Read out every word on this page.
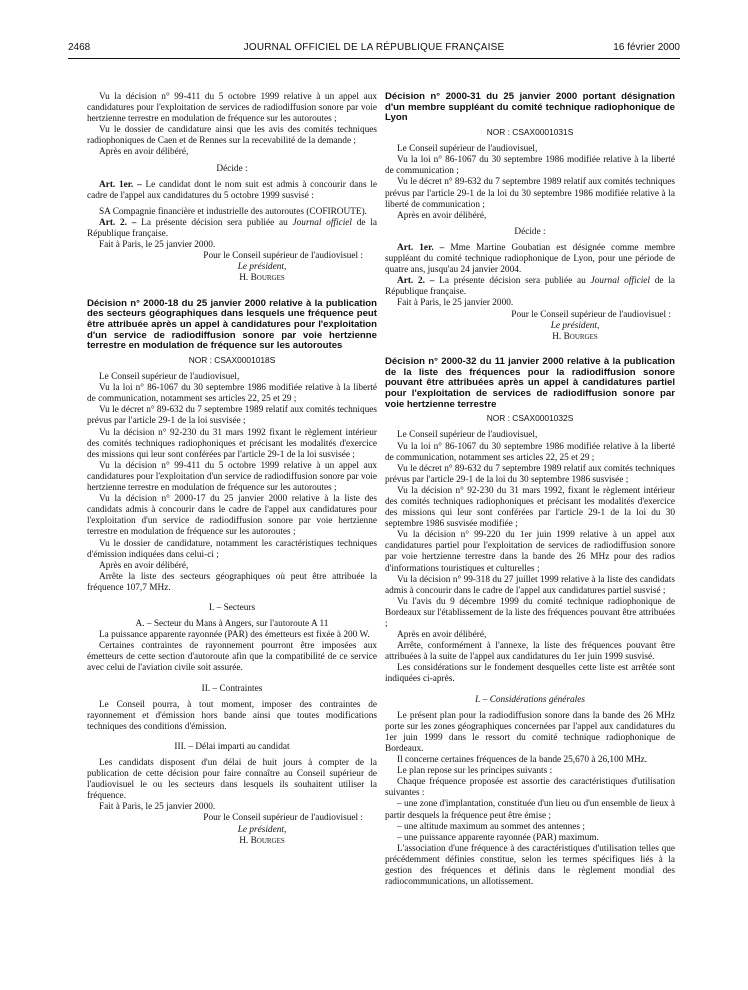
2468	JOURNAL OFFICIEL DE LA RÉPUBLIQUE FRANÇAISE	16 février 2000

Vu la décision n° 99-411 du 5 octobre 1999 relative à un appel aux candidatures pour l'exploitation de services de radiodiffusion sonore par voie hertzienne terrestre en modulation de fréquence sur les autoroutes ;

Vu le dossier de candidature ainsi que les avis des comités techniques radiophoniques de Caen et de Rennes sur la recevabilité de la demande ;

Après en avoir délibéré,

Décide :

Art. 1er. – Le candidat dont le nom suit est admis à concourir dans le cadre de l'appel aux candidatures du 5 octobre 1999 susvisé :

SA Compagnie financière et industrielle des autoroutes (COFIROUTE).

Art. 2. – La présente décision sera publiée au Journal officiel de la République française.

Fait à Paris, le 25 janvier 2000.

Pour le Conseil supérieur de l'audiovisuel :

Le président,

H. Bourges

Décision n° 2000-18 du 25 janvier 2000 relative à la publication des secteurs géographiques dans lesquels une fréquence peut être attribuée après un appel à candidatures pour l'exploitation d'un service de radiodiffusion sonore par voie hertzienne terrestre en modulation de fréquence sur les autoroutes

NOR : CSAX0001018S

Le Conseil supérieur de l'audiovisuel,

Vu la loi n° 86-1067 du 30 septembre 1986 modifiée relative à la liberté de communication, notamment ses articles 22, 25 et 29 ;

Vu le décret n° 89-632 du 7 septembre 1989 relatif aux comités techniques prévus par l'article 29-1 de la loi susvisée ;

Vu la décision n° 92-230 du 31 mars 1992 fixant le règlement intérieur des comités techniques radiophoniques et précisant les modalités d'exercice des missions qui leur sont conférées par l'article 29-1 de la loi susvisée ;

Vu la décision n° 99-411 du 5 octobre 1999 relative à un appel aux candidatures pour l'exploitation d'un service de radiodiffusion sonore par voie hertzienne terrestre en modulation de fréquence sur les autoroutes ;

Vu la décision n° 2000-17 du 25 janvier 2000 relative à la liste des candidats admis à concourir dans le cadre de l'appel aux candidatures pour l'exploitation d'un service de radiodiffusion sonore par voie hertzienne terrestre en modulation de fréquence sur les autoroutes ;

Vu le dossier de candidature, notamment les caractéristiques techniques d'émission indiquées dans celui-ci ;

Après en avoir délibéré,

Arrête la liste des secteurs géographiques où peut être attribuée la fréquence 107,7 MHz.

I. – Secteurs

A. – Secteur du Mans à Angers, sur l'autoroute A 11

La puissance apparente rayonnée (PAR) des émetteurs est fixée à 200 W.

Certaines contraintes de rayonnement pourront être imposées aux émetteurs de cette section d'autoroute afin que la compatibilité de ce service avec celui de l'aviation civile soit assurée.

II. – Contraintes

Le Conseil pourra, à tout moment, imposer des contraintes de rayonnement et d'émission hors bande ainsi que toutes modifications techniques des conditions d'émission.

III. – Délai imparti au candidat

Les candidats disposent d'un délai de huit jours à compter de la publication de cette décision pour faire connaître au Conseil supérieur de l'audiovisuel le ou les secteurs dans lesquels ils souhaitent utiliser la fréquence.

Fait à Paris, le 25 janvier 2000.

Pour le Conseil supérieur de l'audiovisuel :

Le président,

H. Bourges

Décision n° 2000-31 du 25 janvier 2000 portant désignation d'un membre suppléant du comité technique radiophonique de Lyon

NOR : CSAX0001031S

Le Conseil supérieur de l'audiovisuel,

Vu la loi n° 86-1067 du 30 septembre 1986 modifiée relative à la liberté de communication ;

Vu le décret n° 89-632 du 7 septembre 1989 relatif aux comités techniques prévus par l'article 29-1 de la loi du 30 septembre 1986 modifiée relative à la liberté de communication ;

Après en avoir délibéré,

Décide :

Art. 1er. – Mme Martine Goubatian est désignée comme membre suppléant du comité technique radiophonique de Lyon, pour une période de quatre ans, jusqu'au 24 janvier 2004.

Art. 2. – La présente décision sera publiée au Journal officiel de la République française.

Fait à Paris, le 25 janvier 2000.

Pour le Conseil supérieur de l'audiovisuel :

Le président,

H. Bourges

Décision n° 2000-32 du 11 janvier 2000 relative à la publication de la liste des fréquences pour la radiodiffusion sonore pouvant être attribuées après un appel à candidatures partiel pour l'exploitation de services de radiodiffusion sonore par voie hertzienne terrestre

NOR : CSAX0001032S

Le Conseil supérieur de l'audiovisuel,

Vu la loi n° 86-1067 du 30 septembre 1986 modifiée relative à la liberté de communication, notamment ses articles 22, 25 et 29 ;

Vu le décret n° 89-632 du 7 septembre 1989 relatif aux comités techniques prévus par l'article 29-1 de la loi du 30 septembre 1986 susvisée ;

Vu la décision n° 92-230 du 31 mars 1992, fixant le règlement intérieur des comités techniques radiophoniques et précisant les modalités d'exercice des missions qui leur sont conférées par l'article 29-1 de la loi du 30 septembre 1986 susvisée modifiée ;

Vu la décision n° 99-220 du 1er juin 1999 relative à un appel aux candidatures partiel pour l'exploitation de services de radiodiffusion sonore par voie hertzienne terrestre dans la bande des 26 MHz pour des radios d'informations touristiques et culturelles ;

Vu la décision n° 99-318 du 27 juillet 1999 relative à la liste des candidats admis à concourir dans le cadre de l'appel aux candidatures partiel susvisé ;

Vu l'avis du 9 décembre 1999 du comité technique radiophonique de Bordeaux sur l'établissement de la liste des fréquences pouvant être attribuées ;

Après en avoir délibéré,

Arrête, conformément à l'annexe, la liste des fréquences pouvant être attribuées à la suite de l'appel aux candidatures du 1er juin 1999 susvisé.

Les considérations sur le fondement desquelles cette liste est arrêtée sont indiquées ci-après.

I. – Considérations générales

Le présent plan pour la radiodiffusion sonore dans la bande des 26 MHz porte sur les zones géographiques concernées par l'appel aux candidatures du 1er juin 1999 dans le ressort du comité technique radiophonique de Bordeaux.

Il concerne certaines fréquences de la bande 25,670 à 26,100 MHz.

Le plan repose sur les principes suivants :

Chaque fréquence proposée est assortie des caractéristiques d'utilisation suivantes :

– une zone d'implantation, constituée d'un lieu ou d'un ensemble de lieux à partir desquels la fréquence peut être émise ;

– une altitude maximum au sommet des antennes ;

– une puissance apparente rayonnée (PAR) maximum.

L'association d'une fréquence à des caractéristiques d'utilisation telles que précédemment définies constitue, selon les termes spécifiques liés à la gestion des fréquences et définis dans le règlement mondial des radiocommunications, un allotissement.
